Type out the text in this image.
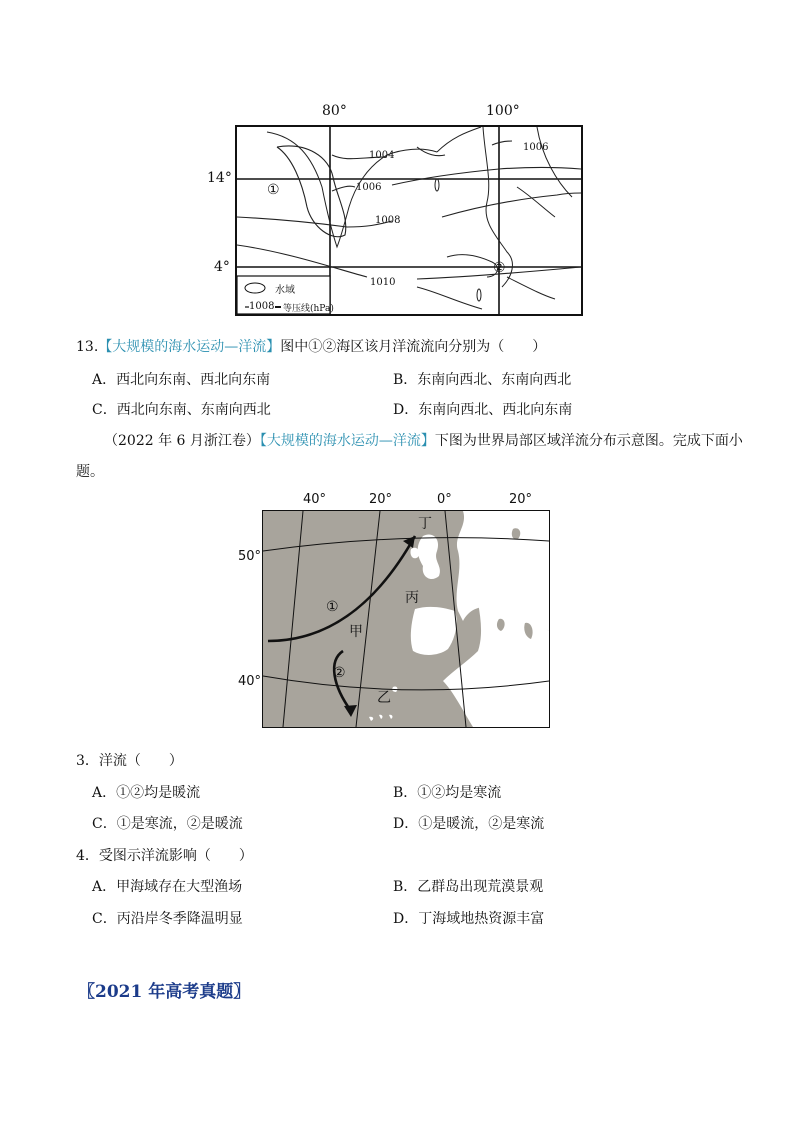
80°	100°
14°
4°
①
②
1004
1006
1008
1010
1006
水域
1008 等压线(hPa)
13.【大规模的海水运动—洋流】图中①②海区该月洋流流向分别为（　　）
A．西北向东南、西北向东南	B．东南向西北、东南向西北
C．西北向东南、东南向西北	D．东南向西北、西北向东南
（2022 年 6 月浙江卷）【大规模的海水运动—洋流】下图为世界局部区域洋流分布示意图。完成下面小
题。
40°	20°	0°	20°
50°
40°
①
②
丁
丙
甲
乙
3．洋流（　　）
A．①②均是暖流	B．①②均是寒流
C．①是寒流，②是暖流	D．①是暖流，②是寒流
4．受图示洋流影响（　　）
A．甲海域存在大型渔场	B．乙群岛出现荒漠景观
C．丙沿岸冬季降温明显	D．丁海域地热资源丰富
〖2021 年高考真题〗
